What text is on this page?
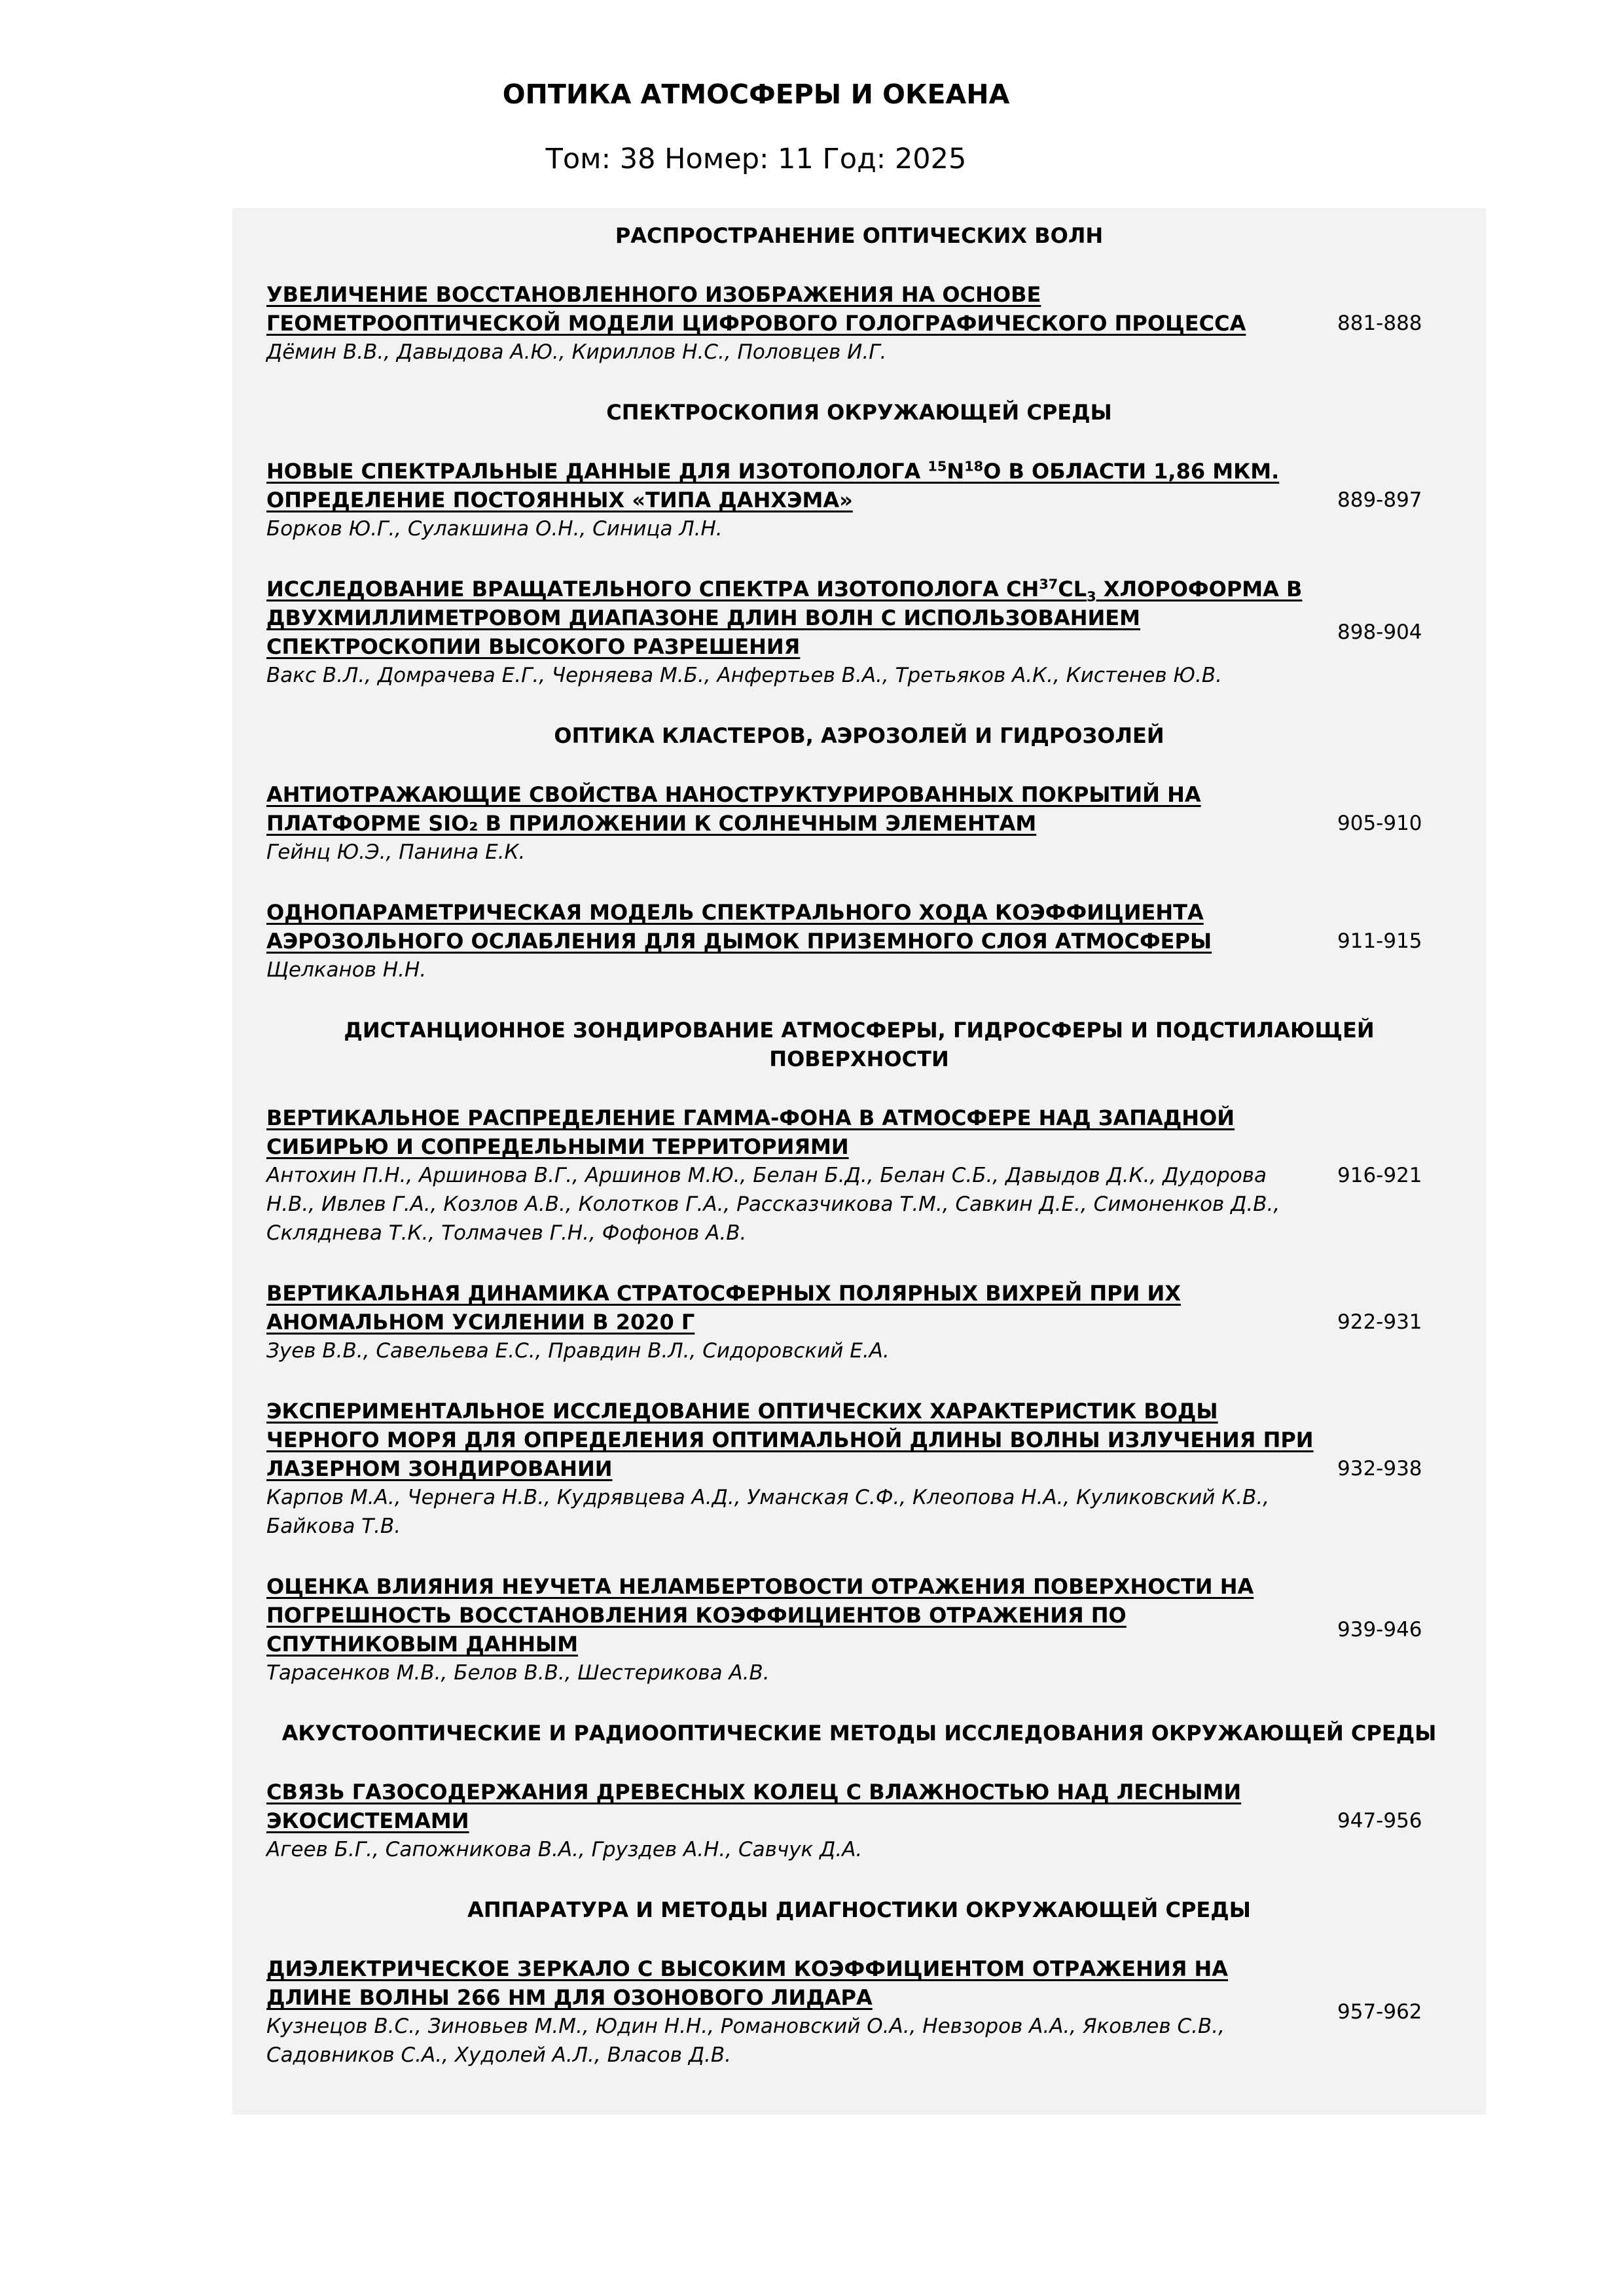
ОПТИКА АТМОСФЕРЫ И ОКЕАНА
Том: 38 Номер: 11 Год: 2025
РАСПРОСТРАНЕНИЕ ОПТИЧЕСКИХ ВОЛН
УВЕЛИЧЕНИЕ ВОССТАНОВЛЕННОГО ИЗОБРАЖЕНИЯ НА ОСНОВЕ ГЕОМЕТРООПТИЧЕСКОЙ МОДЕЛИ ЦИФРОВОГО ГОЛОГРАФИЧЕСКОГО ПРОЦЕССА
Дёмин В.В., Давыдова А.Ю., Кириллов Н.С., Половцев И.Г.
881-888
СПЕКТРОСКОПИЯ ОКРУЖАЮЩЕЙ СРЕДЫ
НОВЫЕ СПЕКТРАЛЬНЫЕ ДАННЫЕ ДЛЯ ИЗОТОПОЛОГА $^{15}N^{18}O$ В ОБЛАСТИ 1,86 МКМ. ОПРЕДЕЛЕНИЕ ПОСТОЯННЫХ «ТИПА ДАНХЭМА»
Борков Ю.Г., Сулакшина О.Н., Синица Л.Н.
889-897
ИССЛЕДОВАНИЕ ВРАЩАТЕЛЬНОГО СПЕКТРА ИЗОТОПОЛОГА $CH^{37}CL_3$ ХЛОРОФОРМА В ДВУХМИЛЛИМЕТРОВОМ ДИАПАЗОНЕ ДЛИН ВОЛН С ИСПОЛЬЗОВАНИЕМ СПЕКТРОСКОПИИ ВЫСОКОГО РАЗРЕШЕНИЯ
Вакс В.Л., Домрачева Е.Г., Черняева М.Б., Анфертьев В.А., Третьяков А.К., Кистенев Ю.В.
898-904
ОПТИКА КЛАСТЕРОВ, АЭРОЗОЛЕЙ И ГИДРОЗОЛЕЙ
АНТИОТРАЖАЮЩИЕ СВОЙСТВА НАНОСТРУКТУРИРОВАННЫХ ПОКРЫТИЙ НА ПЛАТФОРМЕ SIO₂ В ПРИЛОЖЕНИИ К СОЛНЕЧНЫМ ЭЛЕМЕНТАМ
Гейнц Ю.Э., Панина Е.К.
905-910
ОДНОПАРАМЕТРИЧЕСКАЯ МОДЕЛЬ СПЕКТРАЛЬНОГО ХОДА КОЭФФИЦИЕНТА АЭРОЗОЛЬНОГО ОСЛАБЛЕНИЯ ДЛЯ ДЫМОК ПРИЗЕМНОГО СЛОЯ АТМОСФЕРЫ
Щелканов Н.Н.
911-915
ДИСТАНЦИОННОЕ ЗОНДИРОВАНИЕ АТМОСФЕРЫ, ГИДРОСФЕРЫ И ПОДСТИЛАЮЩЕЙ ПОВЕРХНОСТИ
ВЕРТИКАЛЬНОЕ РАСПРЕДЕЛЕНИЕ ГАММА-ФОНА В АТМОСФЕРЕ НАД ЗАПАДНОЙ СИБИРЬЮ И СОПРЕДЕЛЬНЫМИ ТЕРРИТОРИЯМИ
Антохин П.Н., Аршинова В.Г., Аршинов М.Ю., Белан Б.Д., Белан С.Б., Давыдов Д.К., Дудорова Н.В., Ивлев Г.А., Козлов А.В., Колотков Г.А., Рассказчикова Т.М., Савкин Д.Е., Симоненков Д.В., Скляднева Т.К., Толмачев Г.Н., Фофонов А.В.
916-921
ВЕРТИКАЛЬНАЯ ДИНАМИКА СТРАТОСФЕРНЫХ ПОЛЯРНЫХ ВИХРЕЙ ПРИ ИХ АНОМАЛЬНОМ УСИЛЕНИИ В 2020 Г
Зуев В.В., Савельева Е.С., Правдин В.Л., Сидоровский Е.А.
922-931
ЭКСПЕРИМЕНТАЛЬНОЕ ИССЛЕДОВАНИЕ ОПТИЧЕСКИХ ХАРАКТЕРИСТИК ВОДЫ ЧЕРНОГО МОРЯ ДЛЯ ОПРЕДЕЛЕНИЯ ОПТИМАЛЬНОЙ ДЛИНЫ ВОЛНЫ ИЗЛУЧЕНИЯ ПРИ ЛАЗЕРНОМ ЗОНДИРОВАНИИ
Карпов М.А., Чернега Н.В., Кудрявцева А.Д., Уманская С.Ф., Клеопова Н.А., Куликовский К.В., Байкова Т.В.
932-938
ОЦЕНКА ВЛИЯНИЯ НЕУЧЕТА НЕЛАМБЕРТОВОСТИ ОТРАЖЕНИЯ ПОВЕРХНОСТИ НА ПОГРЕШНОСТЬ ВОССТАНОВЛЕНИЯ КОЭФФИЦИЕНТОВ ОТРАЖЕНИЯ ПО СПУТНИКОВЫМ ДАННЫМ
Тарасенков М.В., Белов В.В., Шестерикова А.В.
939-946
АКУСТООПТИЧЕСКИЕ И РАДИООПТИЧЕСКИЕ МЕТОДЫ ИССЛЕДОВАНИЯ ОКРУЖАЮЩЕЙ СРЕДЫ
СВЯЗЬ ГАЗОСОДЕРЖАНИЯ ДРЕВЕСНЫХ КОЛЕЦ С ВЛАЖНОСТЬЮ НАД ЛЕСНЫМИ ЭКОСИСТЕМАМИ
Агеев Б.Г., Сапожникова В.А., Груздев А.Н., Савчук Д.А.
947-956
АППАРАТУРА И МЕТОДЫ ДИАГНОСТИКИ ОКРУЖАЮЩЕЙ СРЕДЫ
ДИЭЛЕКТРИЧЕСКОЕ ЗЕРКАЛО С ВЫСОКИМ КОЭФФИЦИЕНТОМ ОТРАЖЕНИЯ НА ДЛИНЕ ВОЛНЫ 266 НМ ДЛЯ ОЗОНОВОГО ЛИДАРА
Кузнецов В.С., Зиновьев М.М., Юдин Н.Н., Романовский О.А., Невзоров А.А., Яковлев С.В., Садовников С.А., Худолей А.Л., Власов Д.В.
957-962
